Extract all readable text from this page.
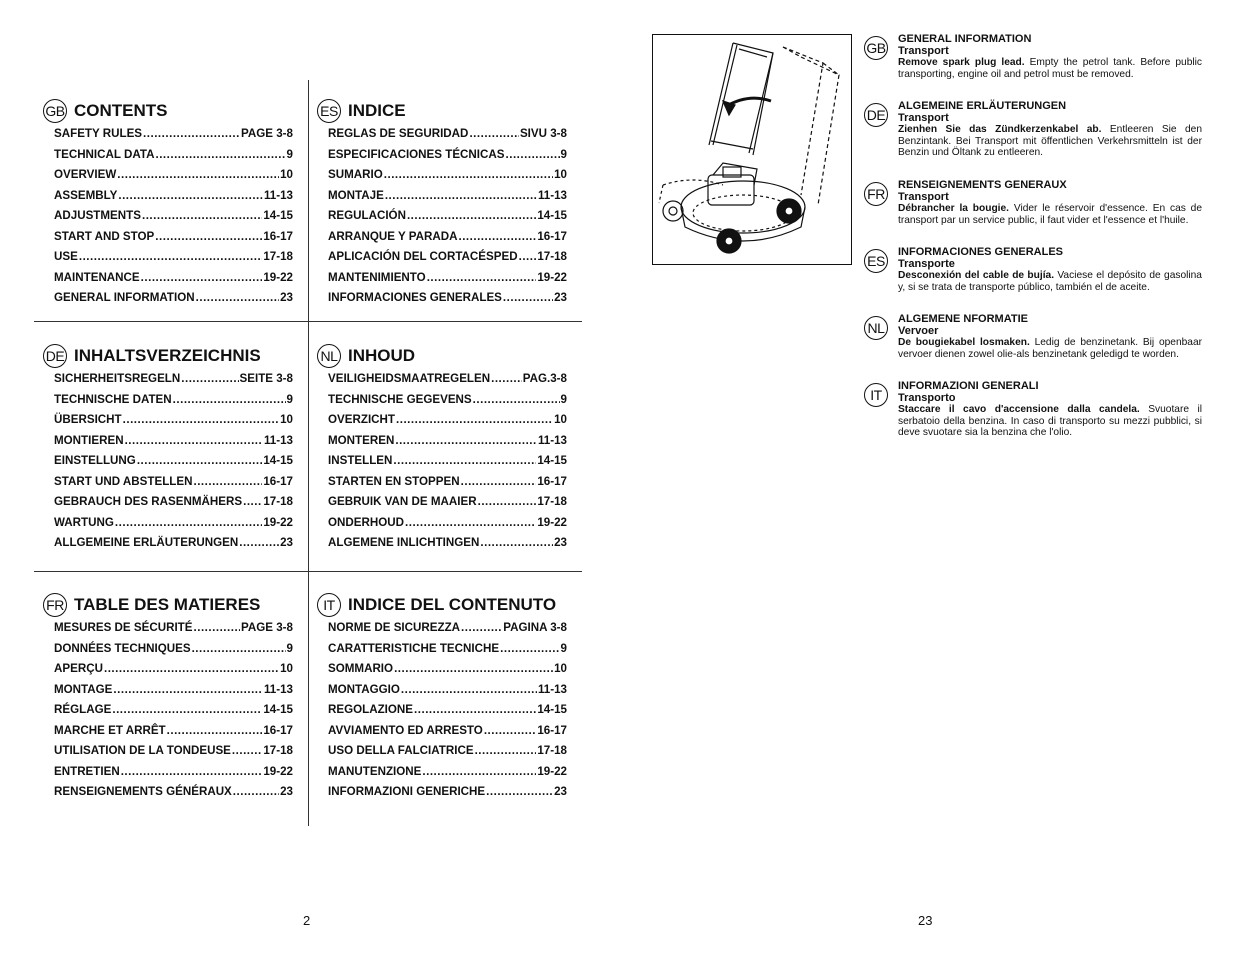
GB CONTENTS
SAFETY RULES .....	PAGE 3-8
TECHNICAL DATA .....	9
OVERVIEW .....	10
ASSEMBLY .....	11-13
ADJUSTMENTS .....	14-15
START AND STOP .....	16-17
USE .....	17-18
MAINTENANCE .....	19-22
GENERAL INFORMATION .....	23
ES INDICE
REGLAS DE SEGURIDAD .....	SIVU 3-8
ESPECIFICACIONES TÉCNICAS .....	9
SUMARIO .....	10
MONTAJE .....	11-13
REGULACIÓN .....	14-15
ARRANQUE Y PARADA .....	16-17
APLICACIÓN DEL CORTACÉSPED ..... 17-18
MANTENIMIENTO .....	19-22
INFORMACIONES GENERALES .....	23
DE INHALTSVERZEICHNIS
SICHERHEITSREGELN .....	SEITE 3-8
TECHNISCHE DATEN .....	9
ÜBERSICHT .....	10
MONTIEREN .....	11-13
EINSTELLUNG .....	14-15
START UND ABSTELLEN .....	16-17
GEBRAUCH DES RASENMÄHERS ..... 17-18
WARTUNG .....	19-22
ALLGEMEINE ERLÄUTERUNGEN .....	23
NL INHOUD
VEILIGHEIDSMAATREGELEN .....	PAG.3-8
TECHNISCHE GEGEVENS .....	9
OVERZICHT .....	10
MONTEREN .....	11-13
INSTELLEN .....	14-15
STARTEN EN STOPPEN .....	16-17
GEBRUIK VAN DE MAAIER .....	17-18
ONDERHOUD .....	19-22
ALGEMENE INLICHTINGEN .....	23
FR TABLE DES MATIERES
MESURES DE SÉCURITÉ .....	PAGE 3-8
DONNÉES TECHNIQUES .....	9
APERÇU .....	10
MONTAGE .....	11-13
RÉGLAGE .....	14-15
MARCHE ET ARRÊT .....	16-17
UTILISATION DE LA TONDEUSE .....	17-18
ENTRETIEN .....	19-22
RENSEIGNEMENTS GÉNÉRAUX .....	23
IT INDICE DEL CONTENUTO
NORME DE SICUREZZA .....	PAGINA 3-8
CARATTERISTICHE TECNICHE .....	9
SOMMARIO .....	10
MONTAGGIO .....	11-13
REGOLAZIONE .....	14-15
AVVIAMENTO ED ARRESTO .....	16-17
USO DELLA FALCIATRICE .....	17-18
MANUTENZIONE .....	19-22
INFORMAZIONI GENERICHE .....	23
2
GB
GENERAL INFORMATION
Transport
Remove spark plug lead. Empty the petrol tank. Before public transporting, engine oil and petrol must be removed.
DE
ALGEMEINE ERLÄUTERUNGEN
Transport
Zienhen Sie das Zündkerzenkabel ab. Entleeren Sie den Benzintank. Bei Transport mit öffentlichen Verkehrsmitteln ist der Benzin und Öltank zu entleeren.
FR
RENSEIGNEMENTS GENERAUX
Transport
Débrancher la bougie. Vider le réservoir d'essence. En cas de transport par un service public, il faut vider et l'essence et l'huile.
ES
INFORMACIONES GENERALES
Transporte
Desconexión del cable de bujía. Vaciese el depósito de gasolina y, si se trata de transporte público, también el de aceite.
NL
ALGEMENE NFORMATIE
Vervoer
De bougiekabel losmaken. Ledig de benzinetank. Bij openbaar vervoer dienen zowel olie-als benzinetank geledigd te worden.
IT
INFORMAZIONI GENERALI
Transporto
Staccare il cavo d'accensione dalla candela. Svuotare il serbatoio della benzina. In caso di transporto su mezzi pubblici, si deve svuotare sia la benzina che l'olio.
23
